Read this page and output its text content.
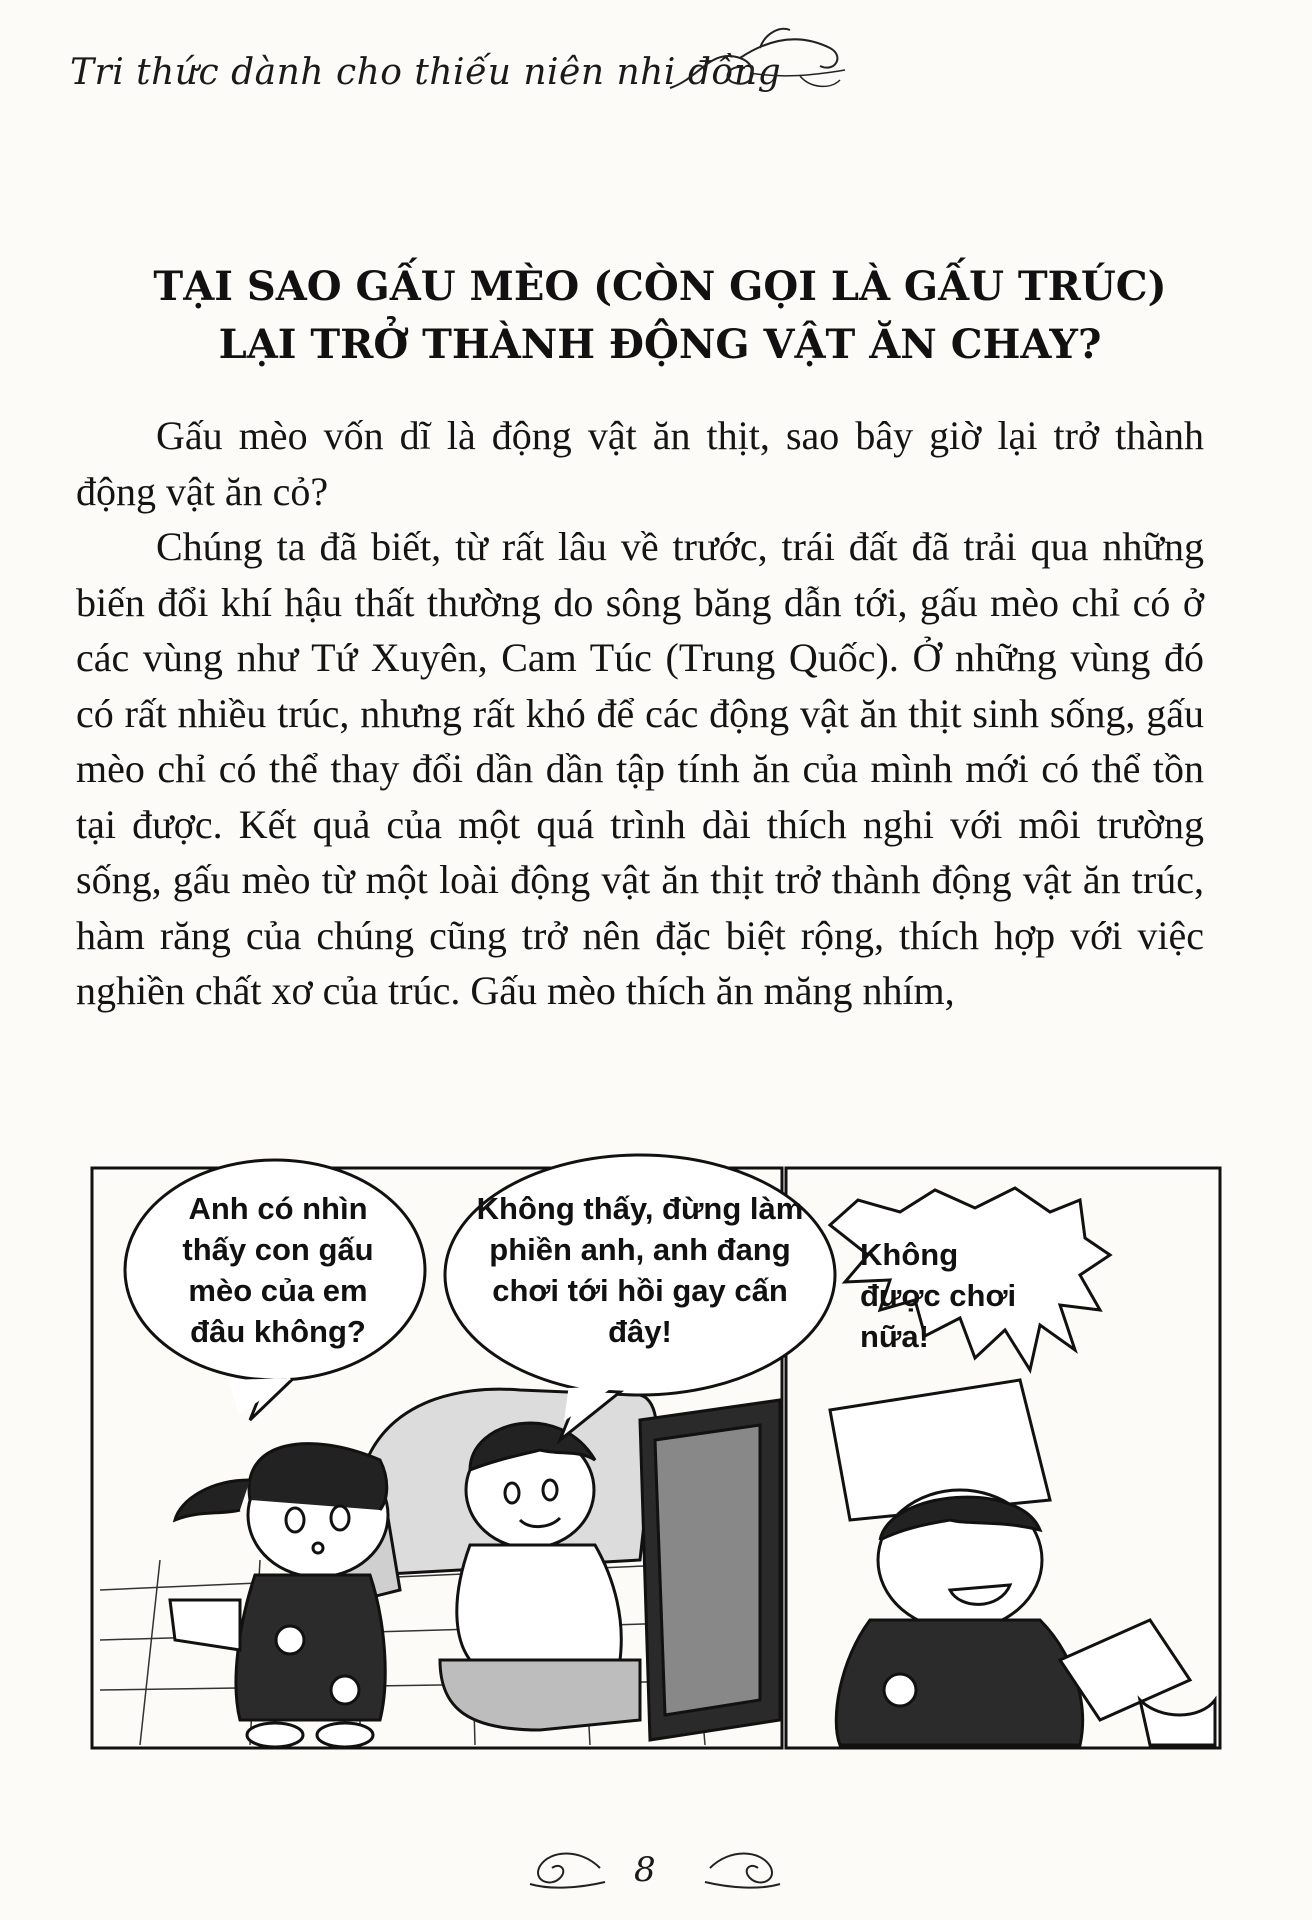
Tri thức dành cho thiếu niên nhi đồng
TẠI SAO GẤU MÈO (CÒN GỌI LÀ GẤU TRÚC)
LẠI TRỞ THÀNH ĐỘNG VẬT ĂN CHAY?

Gấu mèo vốn dĩ là động vật ăn thịt, sao bây giờ lại trở thành động vật ăn cỏ?

Chúng ta đã biết, từ rất lâu về trước, trái đất đã trải qua những biến đổi khí hậu thất thường do sông băng dẫn tới, gấu mèo chỉ có ở các vùng như Tứ Xuyên, Cam Túc (Trung Quốc). Ở những vùng đó có rất nhiều trúc, nhưng rất khó để các động vật ăn thịt sinh sống, gấu mèo chỉ có thể thay đổi dần dần tập tính ăn của mình mới có thể tồn tại được. Kết quả của một quá trình dài thích nghi với môi trường sống, gấu mèo từ một loài động vật ăn thịt trở thành động vật ăn trúc, hàm răng của chúng cũng trở nên đặc biệt rộng, thích hợp với việc nghiền chất xơ của trúc. Gấu mèo thích ăn măng nhím,

Anh có nhìn thấy con gấu mèo của em đâu không?
Không thấy, đừng làm phiền anh, anh đang chơi tới hồi gay cấn đây!
Không được chơi nữa!
8
